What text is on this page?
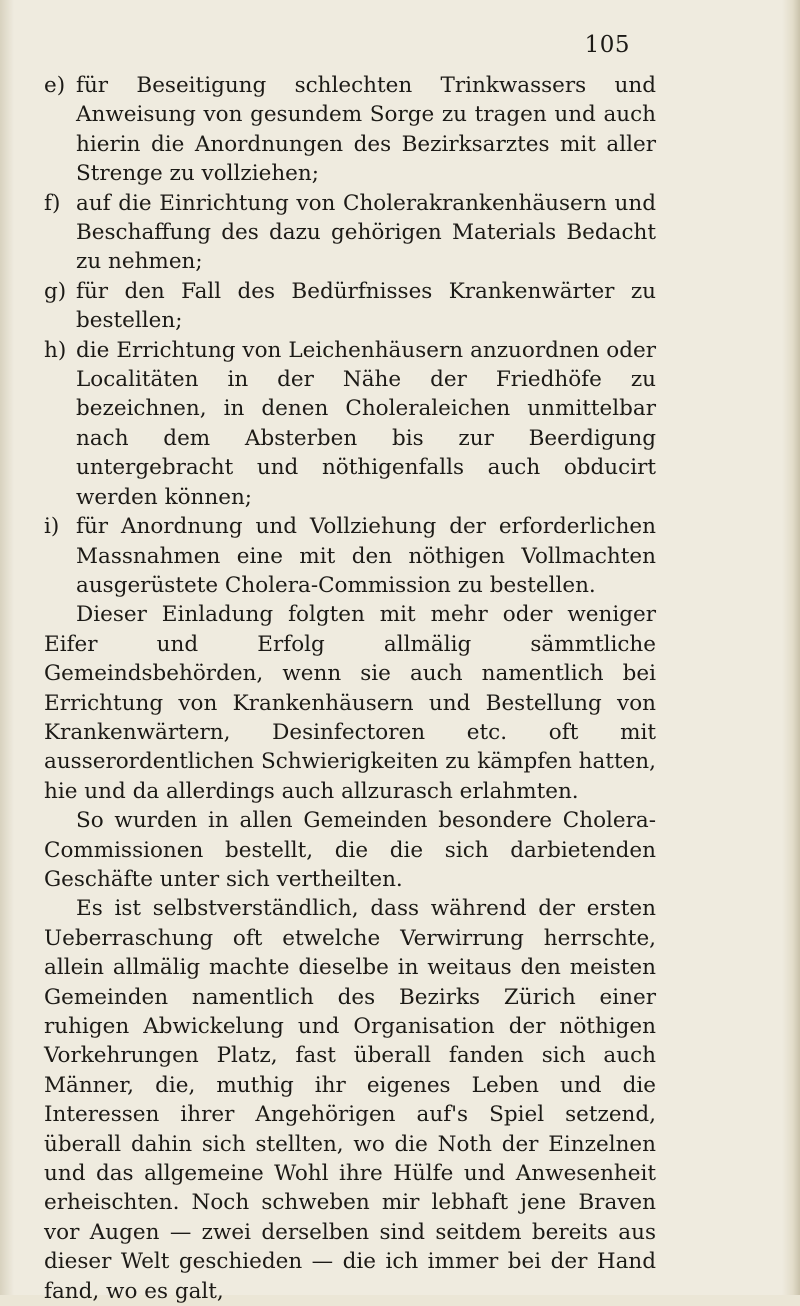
105
e) für Beseitigung schlechten Trinkwassers und Anweisung von gesundem Sorge zu tragen und auch hierin die Anordnungen des Bezirksarztes mit aller Strenge zu vollziehen;
f) auf die Einrichtung von Cholerakrankenhäusern und Beschaffung des dazu gehörigen Materials Bedacht zu nehmen;
g) für den Fall des Bedürfnisses Krankenwärter zu bestellen;
h) die Errichtung von Leichenhäusern anzuordnen oder Localitäten in der Nähe der Friedhöfe zu bezeichnen, in denen Choleraleichen unmittelbar nach dem Absterben bis zur Beerdigung untergebracht und nöthigenfalls auch obducirt werden können;
i) für Anordnung und Vollziehung der erforderlichen Massnahmen eine mit den nöthigen Vollmachten ausgerüstete Cholera-Commission zu bestellen.

Dieser Einladung folgten mit mehr oder weniger Eifer und Erfolg allmälig sämmtliche Gemeindsbehörden, wenn sie auch namentlich bei Errichtung von Krankenhäusern und Bestellung von Krankenwärtern, Desinfectoren etc. oft mit ausserordentlichen Schwierigkeiten zu kämpfen hatten, hie und da allerdings auch allzurasch erlahmten.

So wurden in allen Gemeinden besondere Cholera-Commissionen bestellt, die die sich darbietenden Geschäfte unter sich vertheilten.

Es ist selbstverständlich, dass während der ersten Ueberraschung oft etwelche Verwirrung herrschte, allein allmälig machte dieselbe in weitaus den meisten Gemeinden namentlich des Bezirks Zürich einer ruhigen Abwickelung und Organisation der nöthigen Vorkehrungen Platz, fast überall fanden sich auch Männer, die, muthig ihr eigenes Leben und die Interessen ihrer Angehörigen auf's Spiel setzend, überall dahin sich stellten, wo die Noth der Einzelnen und das allgemeine Wohl ihre Hülfe und Anwesenheit erheischten. Noch schweben mir lebhaft jene Braven vor Augen — zwei derselben sind seitdem bereits aus dieser Welt geschieden — die ich immer bei der Hand fand, wo es galt,
